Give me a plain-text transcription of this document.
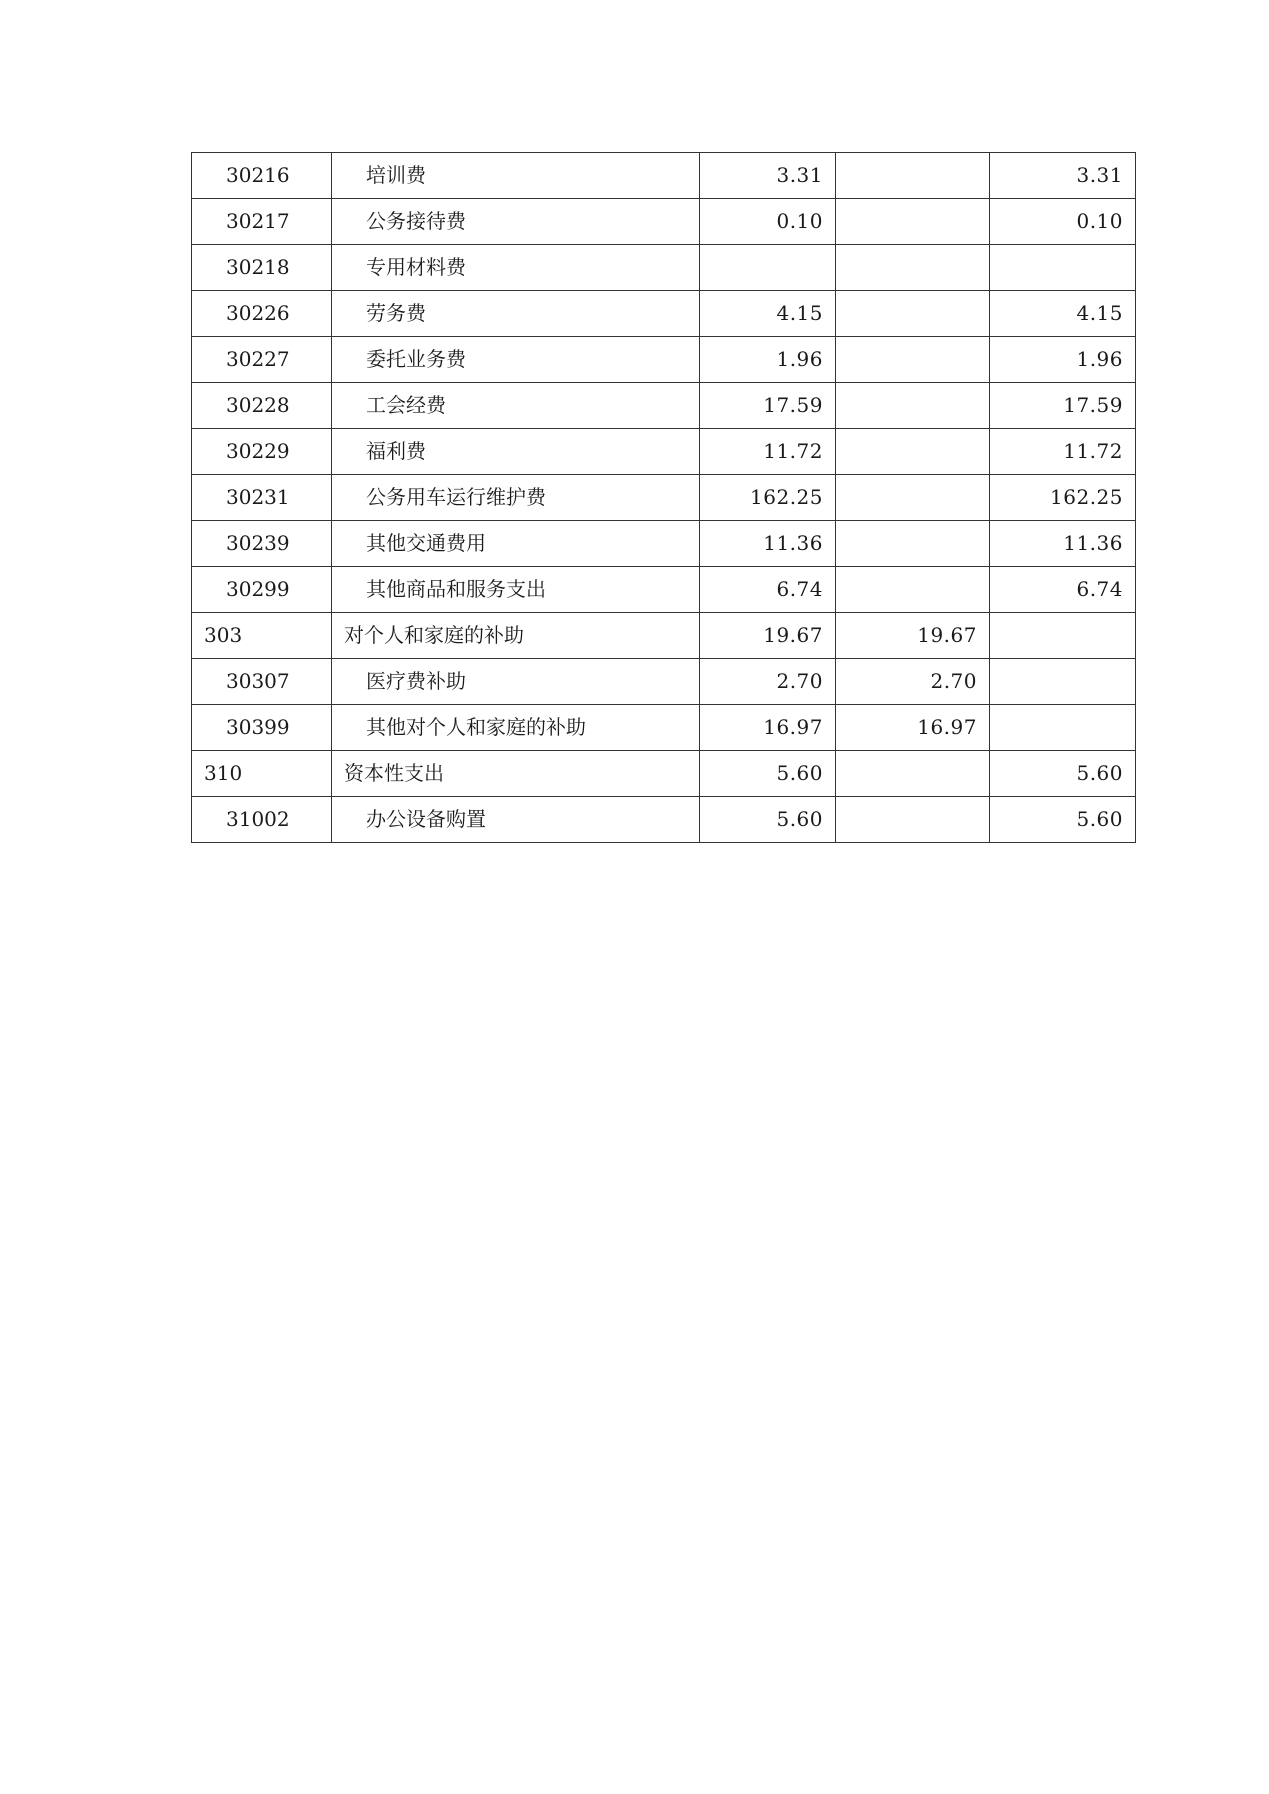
30216	培训费	3.31		3.31
30217	公务接待费	0.10		0.10
30218	专用材料费			
30226	劳务费	4.15		4.15
30227	委托业务费	1.96		1.96
30228	工会经费	17.59		17.59
30229	福利费	11.72		11.72
30231	公务用车运行维护费	162.25		162.25
30239	其他交通费用	11.36		11.36
30299	其他商品和服务支出	6.74		6.74
303	对个人和家庭的补助	19.67	19.67	
30307	医疗费补助	2.70	2.70	
30399	其他对个人和家庭的补助	16.97	16.97	
310	资本性支出	5.60		5.60
31002	办公设备购置	5.60		5.60
